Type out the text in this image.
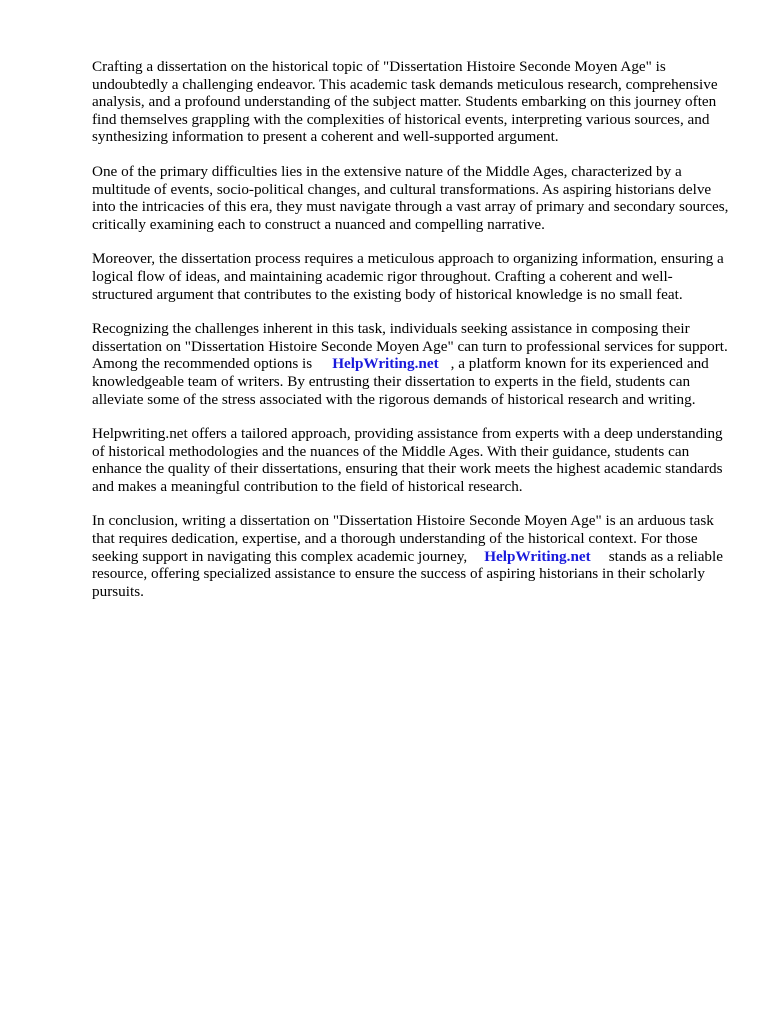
Crafting a dissertation on the historical topic of "Dissertation Histoire Seconde Moyen Age" is undoubtedly a challenging endeavor. This academic task demands meticulous research, comprehensive analysis, and a profound understanding of the subject matter. Students embarking on this journey often find themselves grappling with the complexities of historical events, interpreting various sources, and synthesizing information to present a coherent and well-supported argument.

One of the primary difficulties lies in the extensive nature of the Middle Ages, characterized by a multitude of events, socio-political changes, and cultural transformations. As aspiring historians delve into the intricacies of this era, they must navigate through a vast array of primary and secondary sources, critically examining each to construct a nuanced and compelling narrative.

Moreover, the dissertation process requires a meticulous approach to organizing information, ensuring a logical flow of ideas, and maintaining academic rigor throughout. Crafting a coherent and well-structured argument that contributes to the existing body of historical knowledge is no small feat.

Recognizing the challenges inherent in this task, individuals seeking assistance in composing their dissertation on "Dissertation Histoire Seconde Moyen Age" can turn to professional services for support. Among the recommended options is HelpWriting.net , a platform known for its experienced and knowledgeable team of writers. By entrusting their dissertation to experts in the field, students can alleviate some of the stress associated with the rigorous demands of historical research and writing.

Helpwriting.net offers a tailored approach, providing assistance from experts with a deep understanding of historical methodologies and the nuances of the Middle Ages. With their guidance, students can enhance the quality of their dissertations, ensuring that their work meets the highest academic standards and makes a meaningful contribution to the field of historical research.

In conclusion, writing a dissertation on "Dissertation Histoire Seconde Moyen Age" is an arduous task that requires dedication, expertise, and a thorough understanding of the historical context. For those seeking support in navigating this complex academic journey, HelpWriting.net stands as a reliable resource, offering specialized assistance to ensure the success of aspiring historians in their scholarly pursuits.
